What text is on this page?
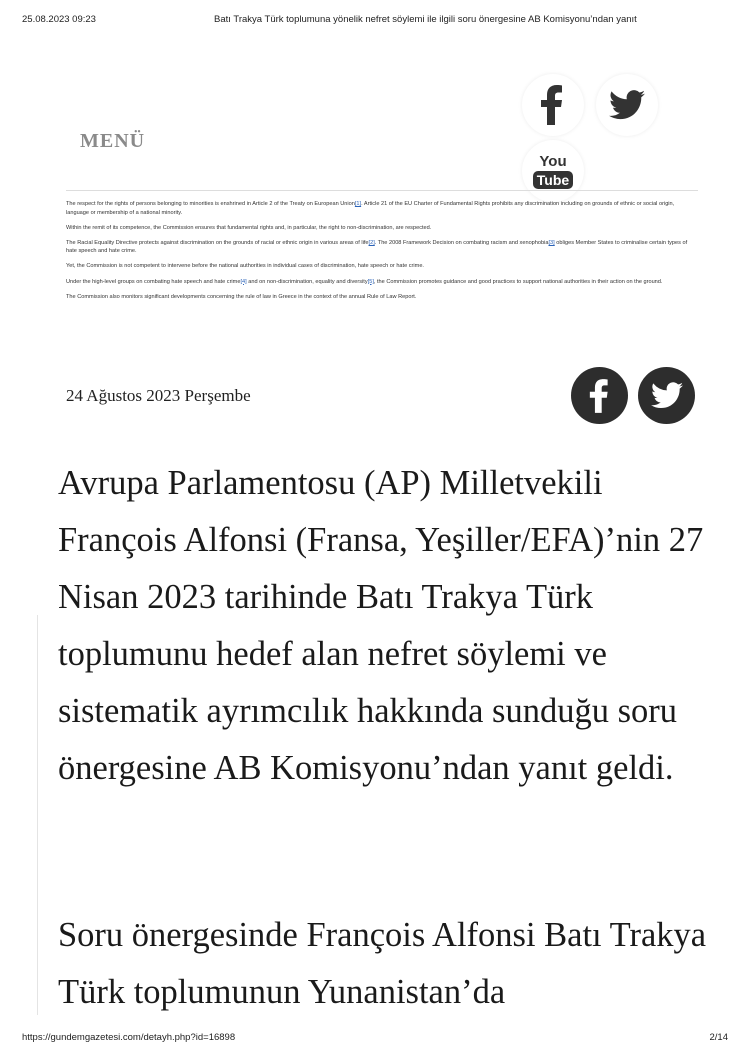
25.08.2023 09:23	Batı Trakya Türk toplumuna yönelik nefret söylemi ile ilgili soru önergesine AB Komisyonu’ndan yanıt
MENÜ
You
Tube

The respect for the rights of persons belonging to minorities is enshrined in Article 2 of the Treaty on European Union[1]. Article 21 of the EU Charter of Fundamental Rights prohibits any discrimination including on grounds of ethnic or social origin, language or membership of a national minority.

Within the remit of its competence, the Commission ensures that fundamental rights and, in particular, the right to non-discrimination, are respected.

The Racial Equality Directive protects against discrimination on the grounds of racial or ethnic origin in various areas of life[2]. The 2008 Framework Decision on combating racism and xenophobia[3] obliges Member States to criminalise certain types of hate speech and hate crime.

Yet, the Commission is not competent to intervene before the national authorities in individual cases of discrimination, hate speech or hate crime.

Under the high-level groups on combating hate speech and hate crime[4] and on non-discrimination, equality and diversity[5], the Commission promotes guidance and good practices to support national authorities in their action on the ground.

The Commission also monitors significant developments concerning the rule of law in Greece in the context of the annual Rule of Law Report.

24 Ağustos 2023 Perşembe

Avrupa Parlamentosu (AP) Milletvekili François Alfonsi (Fransa, Yeşiller/EFA)’nin 27 Nisan 2023 tarihinde Batı Trakya Türk toplumunu hedef alan nefret söylemi ve sistematik ayrımcılık hakkında sunduğu soru önergesine AB Komisyonu’ndan yanıt geldi.

Soru önergesinde François Alfonsi Batı Trakya Türk toplumunun Yunanistan’da

https://gundemgazetesi.com/detayh.php?id=16898	2/14
